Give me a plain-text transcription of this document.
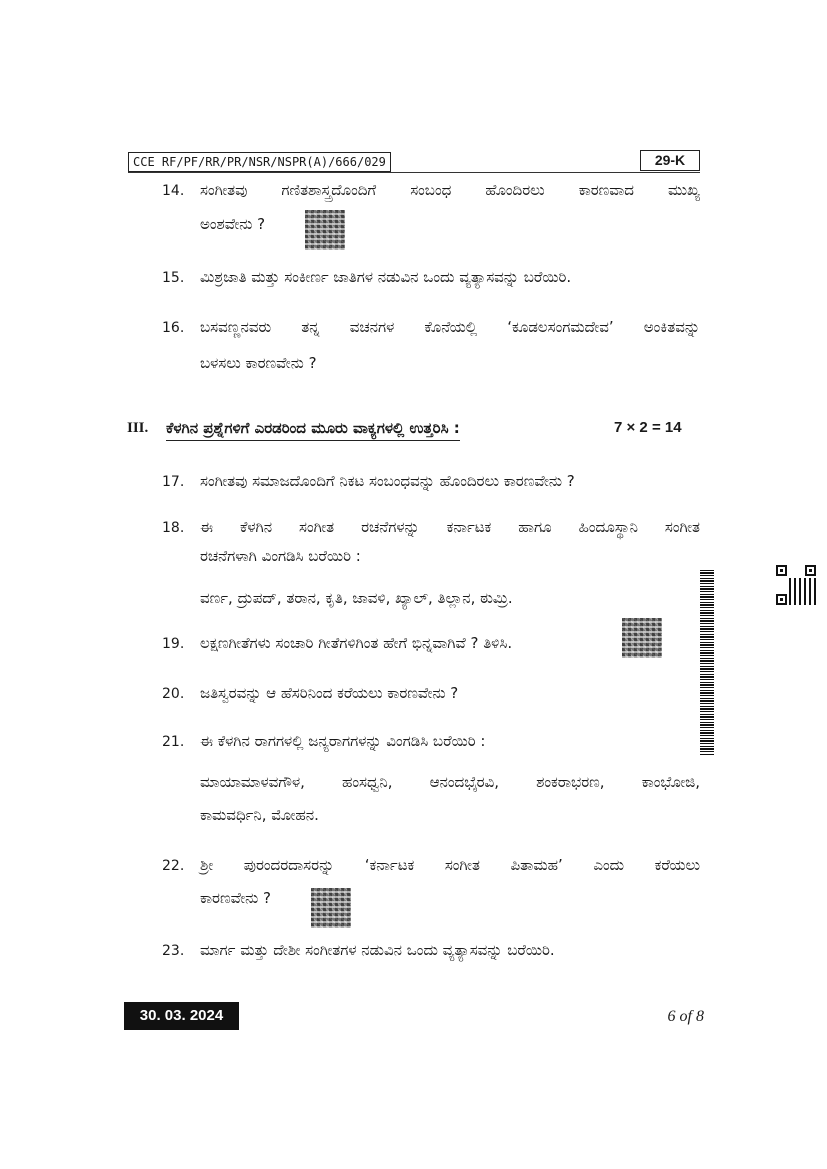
CCE RF/PF/RR/PR/NSR/NSPR(A)/666/029	29-K
14. ಸಂಗೀತವು ಗಣಿತಶಾಸ್ತ್ರದೊಂದಿಗೆ ಸಂಬಂಧ ಹೊಂದಿರಲು ಕಾರಣವಾದ ಮುಖ್ಯ
ಅಂಶವೇನು ?
15. ಮಿಶ್ರಜಾತಿ ಮತ್ತು ಸಂಕೀರ್ಣ ಜಾತಿಗಳ ನಡುವಿನ ಒಂದು ವ್ಯತ್ಯಾಸವನ್ನು ಬರೆಯಿರಿ.
16. ಬಸವಣ್ಣನವರು ತನ್ನ ವಚನಗಳ ಕೊನೆಯಲ್ಲಿ ‘ಕೂಡಲಸಂಗಮದೇವ’ ಅಂಕಿತವನ್ನು
ಬಳಸಲು ಕಾರಣವೇನು ?
III. ಕೆಳಗಿನ ಪ್ರಶ್ನೆಗಳಿಗೆ ಎರಡರಿಂದ ಮೂರು ವಾಕ್ಯಗಳಲ್ಲಿ ಉತ್ತರಿಸಿ :	7 × 2 = 14
17. ಸಂಗೀತವು ಸಮಾಜದೊಂದಿಗೆ ನಿಕಟ ಸಂಬಂಧವನ್ನು ಹೊಂದಿರಲು ಕಾರಣವೇನು ?
18. ಈ ಕೆಳಗಿನ ಸಂಗೀತ ರಚನೆಗಳನ್ನು ಕರ್ನಾಟಕ ಹಾಗೂ ಹಿಂದೂಸ್ಥಾನಿ ಸಂಗೀತ
ರಚನೆಗಳಾಗಿ ವಿಂಗಡಿಸಿ ಬರೆಯಿರಿ :
ವರ್ಣ, ದ್ರುಪದ್, ತರಾನ, ಕೃತಿ, ಜಾವಳಿ, ಖ್ಯಾಲ್, ತಿಲ್ಲಾನ, ಠುಮ್ರಿ.
19. ಲಕ್ಷಣಗೀತೆಗಳು ಸಂಚಾರಿ ಗೀತೆಗಳಿಗಿಂತ ಹೇಗೆ ಭಿನ್ನವಾಗಿವೆ ? ತಿಳಿಸಿ.
20. ಜತಿಸ್ವರವನ್ನು ಆ ಹೆಸರಿನಿಂದ ಕರೆಯಲು ಕಾರಣವೇನು ?
21. ಈ ಕೆಳಗಿನ ರಾಗಗಳಲ್ಲಿ ಜನ್ಯರಾಗಗಳನ್ನು ವಿಂಗಡಿಸಿ ಬರೆಯಿರಿ :
ಮಾಯಾಮಾಳವಗೌಳ, ಹಂಸಧ್ವನಿ, ಆನಂದಭೈರವಿ, ಶಂಕರಾಭರಣ, ಕಾಂಭೋಜಿ,
ಕಾಮವರ್ಧಿನಿ, ಮೋಹನ.
22. ಶ್ರೀ ಪುರಂದರದಾಸರನ್ನು ‘ಕರ್ನಾಟಕ ಸಂಗೀತ ಪಿತಾಮಹ’ ಎಂದು ಕರೆಯಲು
ಕಾರಣವೇನು ?
23. ಮಾರ್ಗ ಮತ್ತು ದೇಶೀ ಸಂಗೀತಗಳ ನಡುವಿನ ಒಂದು ವ್ಯತ್ಯಾಸವನ್ನು ಬರೆಯಿರಿ.
30. 03. 2024	6 of 8
